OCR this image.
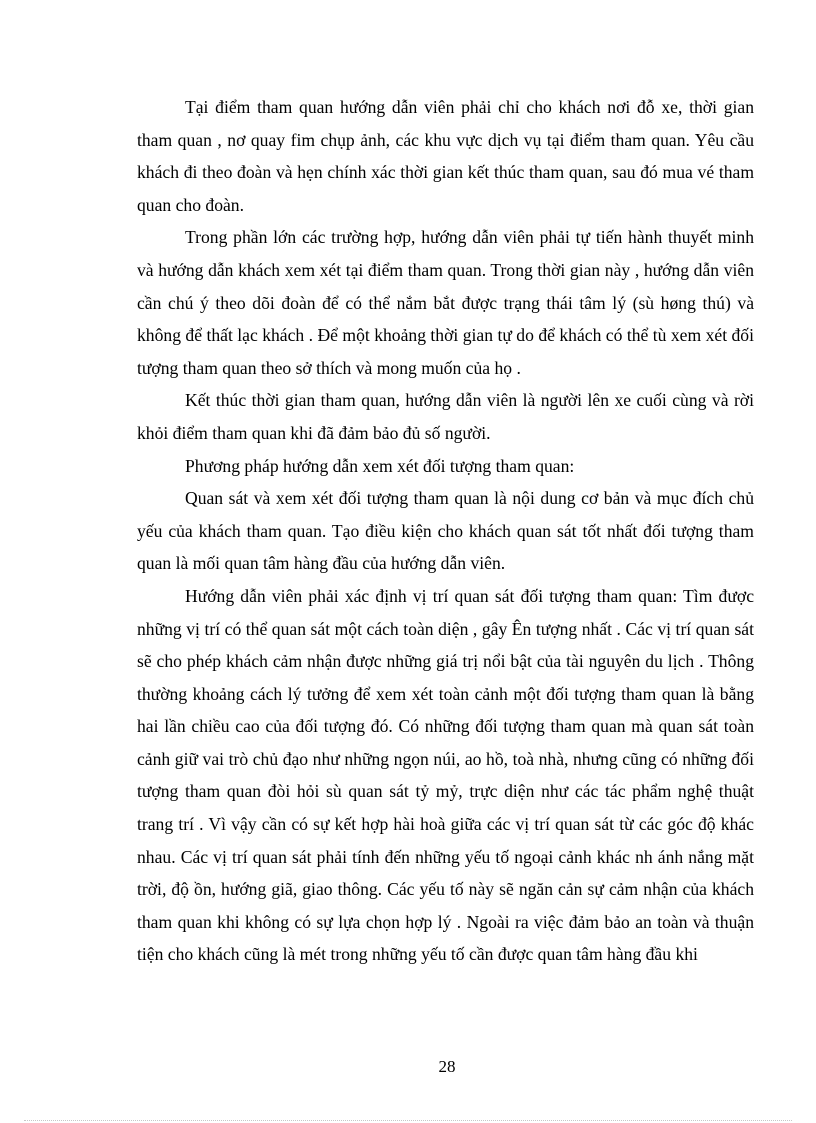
Tại điểm tham quan hướng dẫn viên phải chỉ cho khách nơi đỗ xe, thời gian tham quan , nơ quay fim chụp ảnh, các khu vực dịch vụ tại điểm tham quan. Yêu cầu khách đi theo đoàn và hẹn chính xác thời gian kết thúc tham quan, sau đó mua vé tham quan cho đoàn.

Trong phần lớn các trường hợp, hướng dẫn viên phải tự tiến hành thuyết minh và hướng dẫn khách xem xét tại điểm tham quan. Trong thời gian này , hướng dẫn viên cần chú ý theo dõi đoàn để có thể nắm bắt được trạng thái tâm lý (sù høng thú) và không để thất lạc khách . Để một khoảng thời gian tự do để khách có thể tù xem xét đối tượng tham quan theo sở thích và mong muốn của họ .

Kết thúc thời gian tham quan, hướng dẫn viên là người lên xe cuối cùng và rời khỏi điểm tham quan khi đã đảm bảo đủ số người.

Phương pháp hướng dẫn xem xét đối tượng tham quan:

Quan sát và xem xét đối tượng tham quan là nội dung cơ bản và mục đích chủ yếu của khách tham quan. Tạo điều kiện cho khách quan sát tốt nhất đối tượng tham quan là mối quan tâm hàng đầu của hướng dẫn viên.

Hướng dẫn viên phải xác định vị trí quan sát đối tượng tham quan: Tìm được những vị trí có thể quan sát một cách toàn diện , gây Ên tượng nhất . Các vị trí quan sát sẽ cho phép khách cảm nhận được những giá trị nổi bật của tài nguyên du lịch . Thông thường khoảng cách lý tưởng để xem xét toàn cảnh một đối tượng tham quan là bằng hai lần chiều cao của đối tượng đó. Có những đối tượng tham quan mà quan sát toàn cảnh giữ vai trò chủ đạo như những ngọn núi, ao hồ, toà nhà, nhưng cũng có những đối tượng tham quan đòi hỏi sù quan sát tỷ mỷ, trực diện như các tác phẩm nghệ thuật trang trí . Vì vậy cần có sự kết hợp hài hoà giữa các vị trí quan sát từ các góc độ khác nhau. Các vị trí quan sát phải tính đến những yếu tố ngoại cảnh khác nh ánh nắng mặt trời, độ ồn, hướng giã, giao thông. Các yếu tố này sẽ ngăn cản sự cảm nhận của khách tham quan khi không có sự lựa chọn hợp lý . Ngoài ra việc đảm bảo an toàn và thuận tiện cho khách cũng là mét trong những yếu tố cần được quan tâm hàng đầu khi

28
